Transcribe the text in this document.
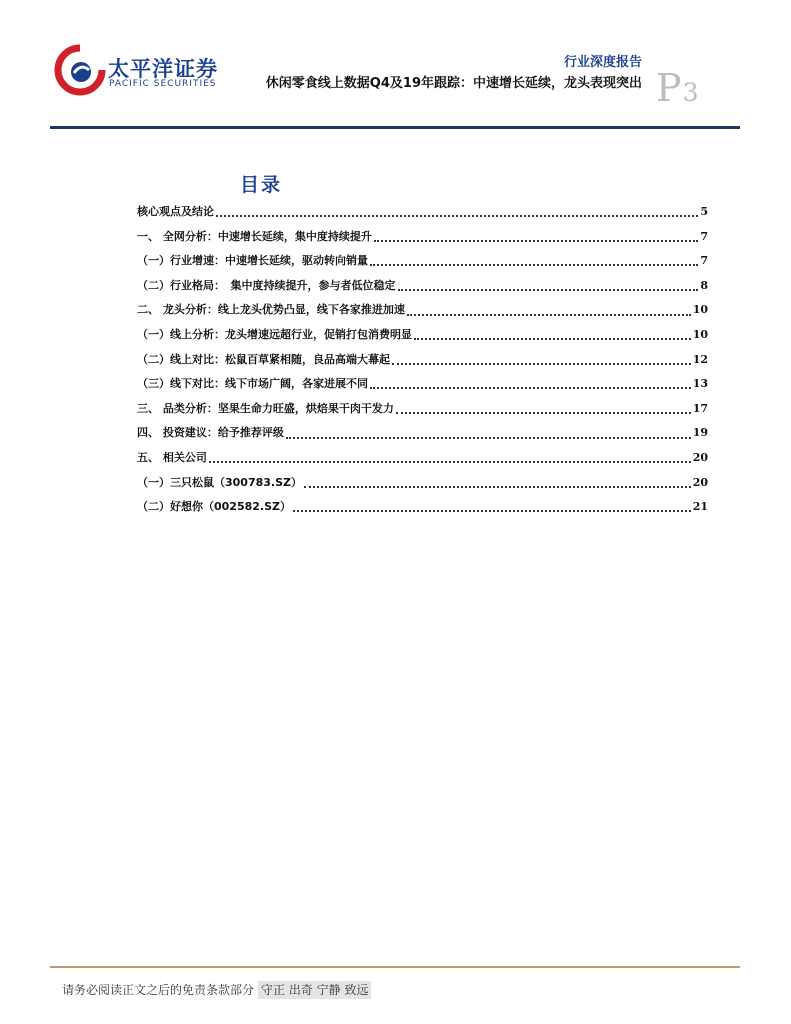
太平洋证券
PACIFIC SECURITIES
行业深度报告
休闲零食线上数据Q4及19年跟踪：中速增长延续，龙头表现突出 P3
目录
核心观点及结论	5
一、 全网分析：中速增长延续，集中度持续提升	7
（一）行业增速：中速增长延续，驱动转向销量	7
（二）行业格局：　集中度持续提升，参与者低位稳定	8
二、 龙头分析：线上龙头优势凸显，线下各家推进加速	10
（一）线上分析：龙头增速远超行业，促销打包消费明显	10
（二）线上对比：松鼠百草紧相随，良品高端大幕起	12
（三）线下对比：线下市场广阔，各家进展不同	13
三、 品类分析：坚果生命力旺盛，烘焙果干肉干发力	17
四、 投资建议：给予推荐评级	19
五、 相关公司	20
（一）三只松鼠（300783.SZ）	20
（二）好想你（002582.SZ）	21
请务必阅读正文之后的免责条款部分 守正 出奇 宁静 致远
